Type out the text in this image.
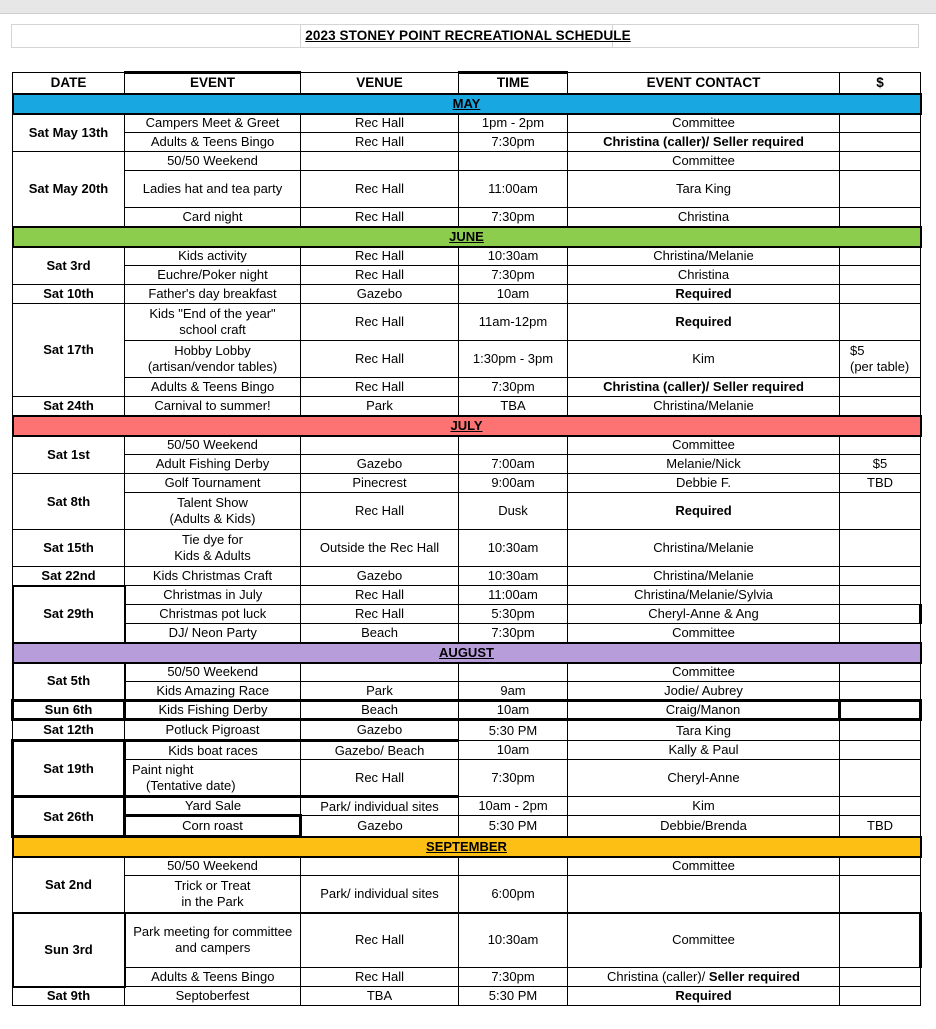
2023 STONEY POINT RECREATIONAL SCHEDULE
DATE	EVENT	VENUE	TIME	EVENT CONTACT	$
MAY					
Sat May 13th	Campers Meet & Greet	Rec Hall	1pm - 2pm	Committee	
	Adults & Teens Bingo	Rec Hall	7:30pm	Christina (caller)/ Seller required	
Sat May 20th	50/50 Weekend			Committee	
	Ladies hat and tea party	Rec Hall	11:00am	Tara King	
	Card night	Rec Hall	7:30pm	Christina	
JUNE					
Sat 3rd	Kids activity	Rec Hall	10:30am	Christina/Melanie	
	Euchre/Poker night	Rec Hall	7:30pm	Christina	
Sat 10th	Father's day breakfast	Gazebo	10am	Required	
Sat 17th	Kids "End of the year"
school craft	Rec Hall	11am-12pm	Required	
	Hobby Lobby
(artisan/vendor tables)	Rec Hall	1:30pm - 3pm	Kim	$5
(per table)
	Adults & Teens Bingo	Rec Hall	7:30pm	Christina (caller)/ Seller required	
Sat 24th	Carnival to summer!	Park	TBA	Christina/Melanie	
JULY					
Sat 1st	50/50 Weekend			Committee	
	Adult Fishing Derby	Gazebo	7:00am	Melanie/Nick	$5
Sat 8th	Golf Tournament	Pinecrest	9:00am	Debbie F.	TBD
	Talent Show
(Adults & Kids)	Rec Hall	Dusk	Required	
Sat 15th	Tie dye for
Kids & Adults	Outside the Rec Hall	10:30am	Christina/Melanie	
Sat 22nd	Kids Christmas Craft	Gazebo	10:30am	Christina/Melanie	
Sat 29th	Christmas in July	Rec Hall	11:00am	Christina/Melanie/Sylvia	
	Christmas pot luck	Rec Hall	5:30pm	Cheryl-Anne & Ang	
	DJ/ Neon Party	Beach	7:30pm	Committee	
AUGUST					
Sat 5th	50/50 Weekend			Committee	
	Kids Amazing Race	Park	9am	Jodie/ Aubrey	
Sun 6th	Kids Fishing Derby	Beach	10am	Craig/Manon	
Sat 12th	Potluck Pigroast	Gazebo	5:30 PM	Tara King	
Sat 19th	Kids boat races	Gazebo/ Beach	10am	Kally & Paul	
	Paint night
(Tentative date)	Rec Hall	7:30pm	Cheryl-Anne	
Sat 26th	Yard Sale	Park/ individual sites	10am - 2pm	Kim	
	Corn roast	Gazebo	5:30 PM	Debbie/Brenda	TBD
SEPTEMBER					
Sat 2nd	50/50 Weekend			Committee	
	Trick or Treat
in the Park	Park/ individual sites	6:00pm		
Sun 3rd	Park meeting for committee
and campers	Rec Hall	10:30am	Committee	
	Adults & Teens Bingo	Rec Hall	7:30pm	Christina (caller)/ Seller required	
Sat 9th	Septoberfest	TBA	5:30 PM	Required	
